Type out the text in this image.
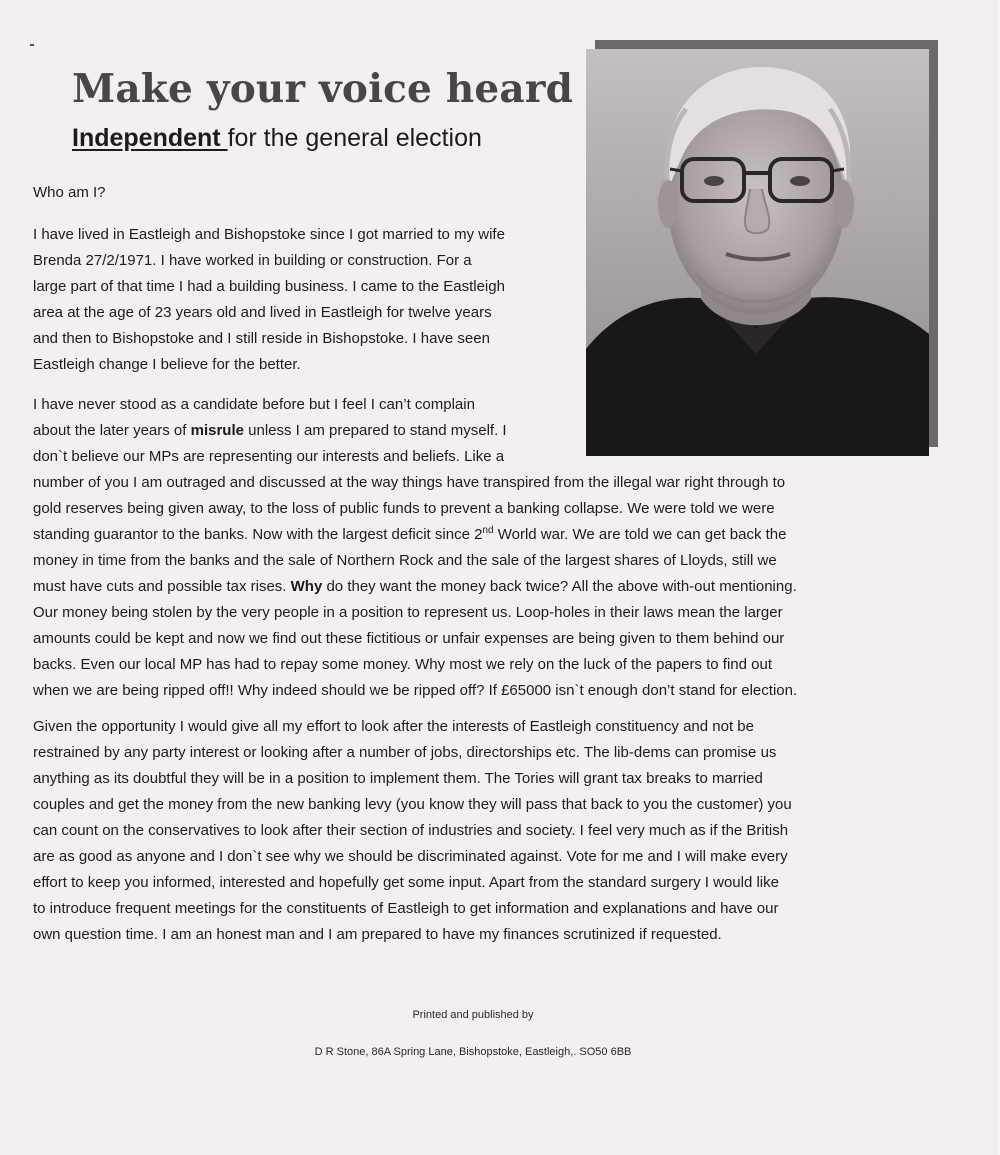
Make your voice heard
Independent for the general election

Who am I?

I have lived in Eastleigh and Bishopstoke since I got married to my wife
Brenda 27/2/1971. I have worked in building or construction. For a
large part of that time I had a building business. I came to the Eastleigh
area at the age of 23 years old and lived in Eastleigh for twelve years
and then to Bishopstoke and I still reside in Bishopstoke. I have seen
Eastleigh change I believe for the better.

I have never stood as a candidate before but I feel I can’t complain
about the later years of misrule unless I am prepared to stand myself. I
don`t believe our MPs are representing our interests and beliefs. Like a
number of you I am outraged and discussed at the way things have transpired from the illegal war right through to
gold reserves being given away, to the loss of public funds to prevent a banking collapse. We were told we were
standing guarantor to the banks. Now with the largest deficit since 2nd World war. We are told we can get back the
money in time from the banks and the sale of Northern Rock and the sale of the largest shares of Lloyds, still we
must have cuts and possible tax rises. Why do they want the money back twice? All the above with-out mentioning.
Our money being stolen by the very people in a position to represent us. Loop-holes in their laws mean the larger
amounts could be kept and now we find out these fictitious or unfair expenses are being given to them behind our
backs. Even our local MP has had to repay some money. Why most we rely on the luck of the papers to find out
when we are being ripped off!! Why indeed should we be ripped off? If £65000 isn`t enough don’t stand for election.

Given the opportunity I would give all my effort to look after the interests of Eastleigh constituency and not be
restrained by any party interest or looking after a number of jobs, directorships etc. The lib-dems can promise us
anything as its doubtful they will be in a position to implement them. The Tories will grant tax breaks to married
couples and get the money from the new banking levy (you know they will pass that back to you the customer) you
can count on the conservatives to look after their section of industries and society. I feel very much as if the British
are as good as anyone and I don`t see why we should be discriminated against. Vote for me and I will make every
effort to keep you informed, interested and hopefully get some input. Apart from the standard surgery I would like
to introduce frequent meetings for the constituents of Eastleigh to get information and explanations and have our
own question time. I am an honest man and I am prepared to have my finances scrutinized if requested.

Printed and published by
D R Stone, 86A Spring Lane, Bishopstoke, Eastleigh,. SO50 6BB
